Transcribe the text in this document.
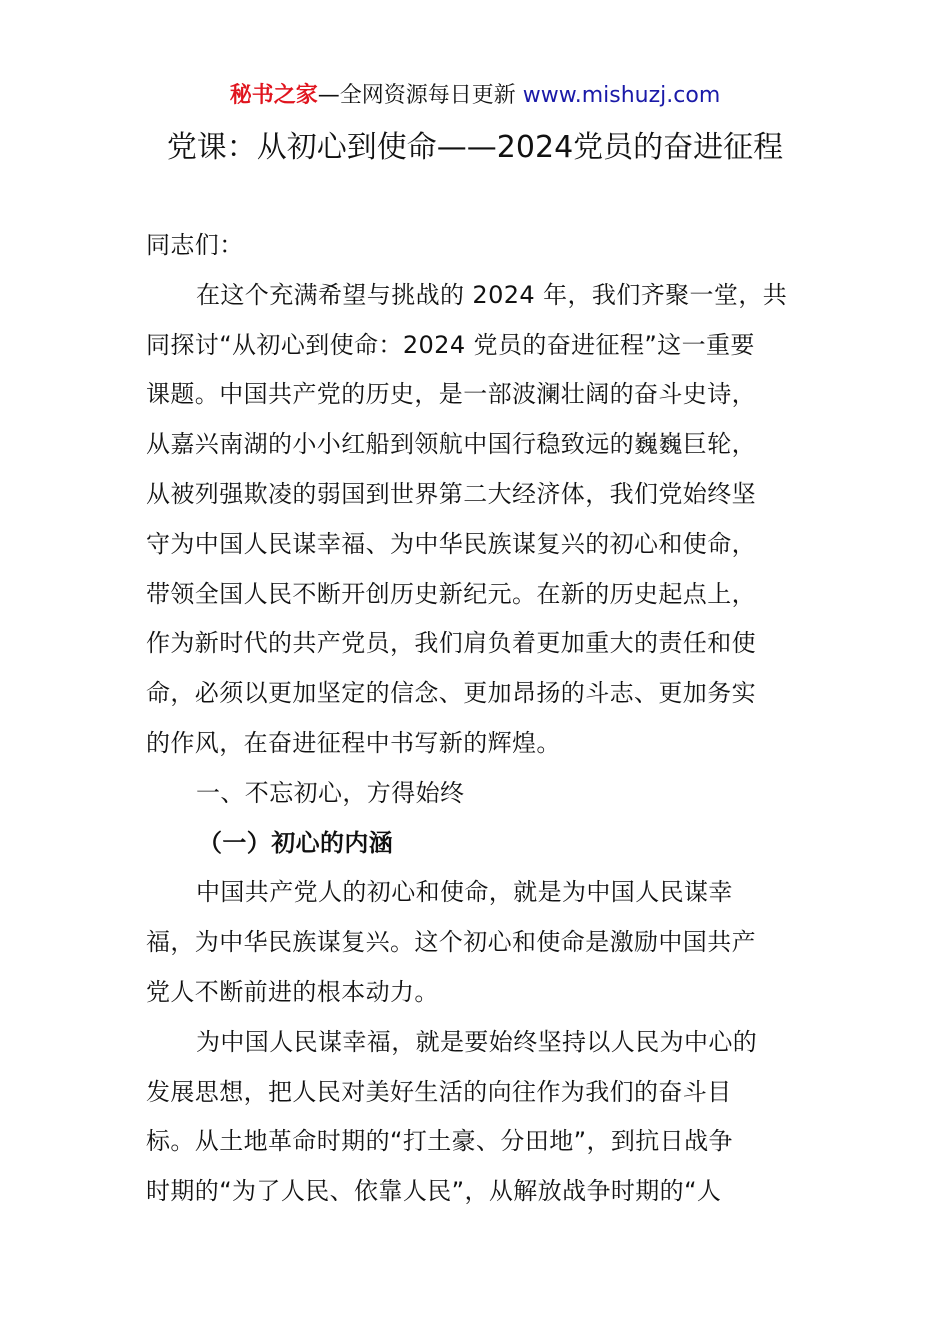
秘书之家—全网资源每日更新 www.mishuzj.com
党课：从初心到使命——2024党员的奋进征程
同志们：
在这个充满希望与挑战的 2024 年，我们齐聚一堂，共
同探讨“从初心到使命：2024 党员的奋进征程”这一重要
课题。中国共产党的历史，是一部波澜壮阔的奋斗史诗，
从嘉兴南湖的小小红船到领航中国行稳致远的巍巍巨轮，
从被列强欺凌的弱国到世界第二大经济体，我们党始终坚
守为中国人民谋幸福、为中华民族谋复兴的初心和使命，
带领全国人民不断开创历史新纪元。在新的历史起点上，
作为新时代的共产党员，我们肩负着更加重大的责任和使
命，必须以更加坚定的信念、更加昂扬的斗志、更加务实
的作风，在奋进征程中书写新的辉煌。
一、不忘初心，方得始终
（一）初心的内涵
中国共产党人的初心和使命，就是为中国人民谋幸
福，为中华民族谋复兴。这个初心和使命是激励中国共产
党人不断前进的根本动力。
为中国人民谋幸福，就是要始终坚持以人民为中心的
发展思想，把人民对美好生活的向往作为我们的奋斗目
标。从土地革命时期的“打土豪、分田地”，到抗日战争
时期的“为了人民、依靠人民”，从解放战争时期的“人
